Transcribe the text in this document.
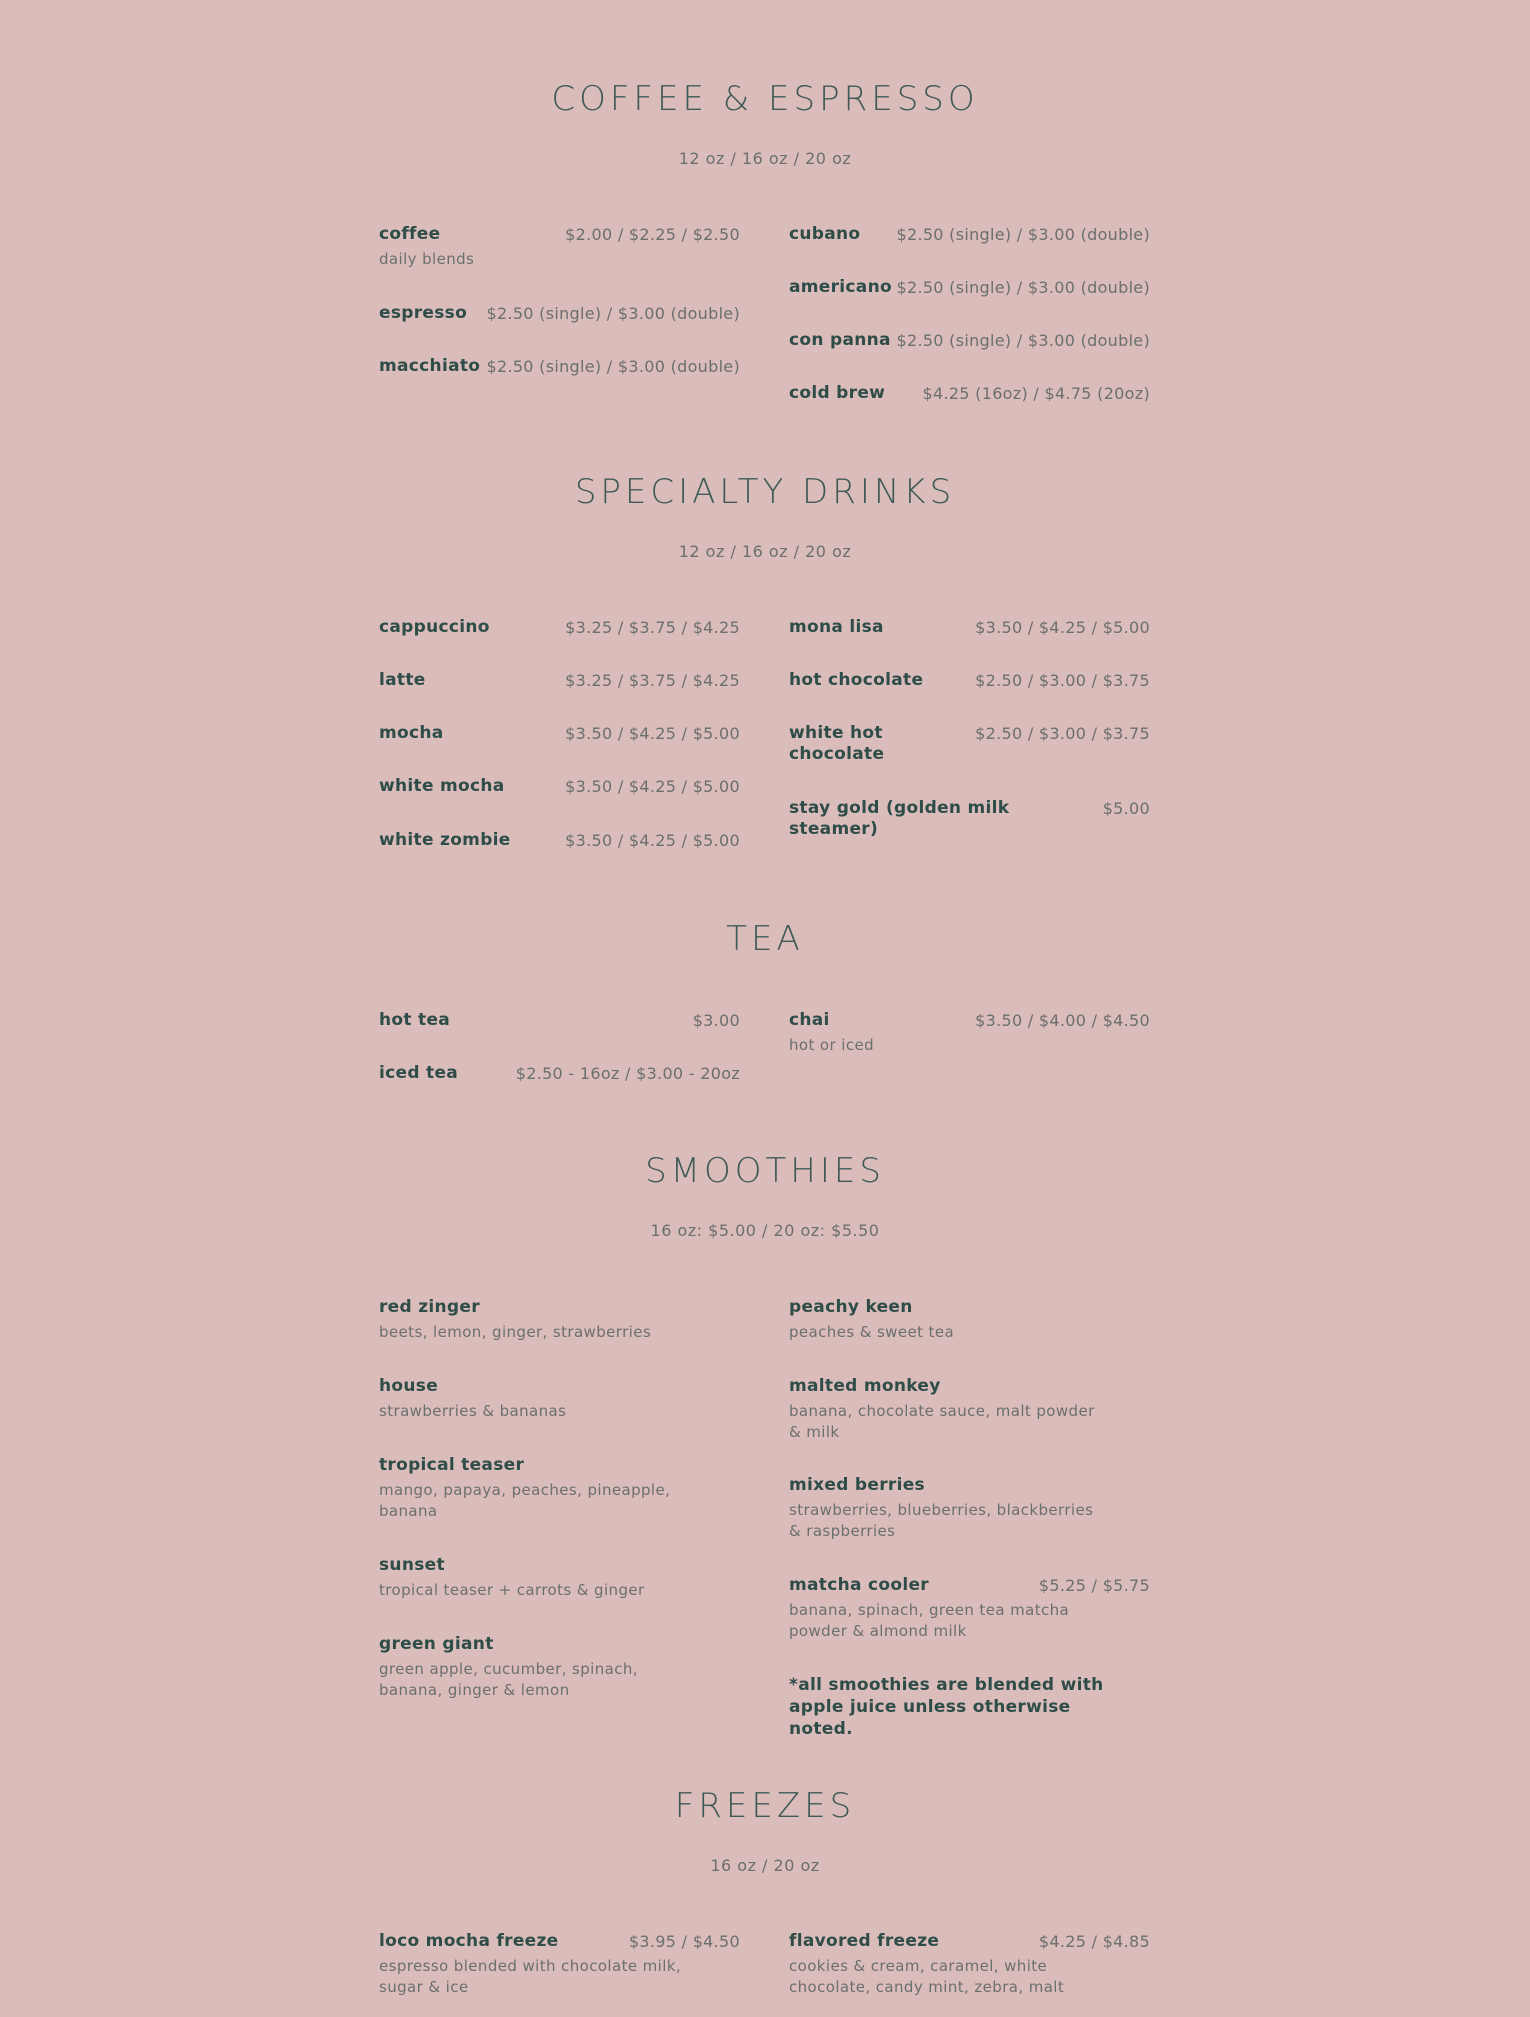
COFFEE & ESPRESSO
12 oz / 16 oz / 20 oz
coffee	$2.00 / $2.25 / $2.50
daily blends
espresso $2.50 (single) / $3.00 (double)
macchiato $2.50 (single) / $3.00 (double)
cubano $2.50 (single) / $3.00 (double)
americano $2.50 (single) / $3.00 (double)
con panna $2.50 (single) / $3.00 (double)
cold brew $4.25 (16oz) / $4.75 (20oz)
SPECIALTY DRINKS
12 oz / 16 oz / 20 oz
cappuccino	$3.25 / $3.75 / $4.25
latte	$3.25 / $3.75 / $4.25
mocha	$3.50 / $4.25 / $5.00
white mocha	$3.50 / $4.25 / $5.00
white zombie	$3.50 / $4.25 / $5.00
mona lisa	$3.50 / $4.25 / $5.00
hot chocolate	$2.50 / $3.00 / $3.75
white hot chocolate
$2.50 / $3.00 / $3.75
stay gold (golden milk steamer)
$5.00
TEA
hot tea	$3.00
iced tea	$2.50 - 16oz / $3.00 - 20oz
chai	$3.50 / $4.00 / $4.50
hot or iced
SMOOTHIES
16 oz: $5.00 / 20 oz: $5.50
red zinger
beets, lemon, ginger, strawberries
house
strawberries & bananas
tropical teaser
mango, papaya, peaches, pineapple, banana
sunset
tropical teaser + carrots & ginger
green giant
green apple, cucumber, spinach, banana, ginger & lemon
peachy keen
peaches & sweet tea
malted monkey
banana, chocolate sauce, malt powder & milk
mixed berries
strawberries, blueberries, blackberries & raspberries
matcha cooler	$5.25 / $5.75
banana, spinach, green tea matcha powder & almond milk
*all smoothies are blended with apple juice unless otherwise noted.
FREEZES
16 oz / 20 oz
loco mocha freeze	$3.95 / $4.50
espresso blended with chocolate milk, sugar & ice
flavored freeze	$4.25 / $4.85
cookies & cream, caramel, white chocolate, candy mint, zebra, malt
